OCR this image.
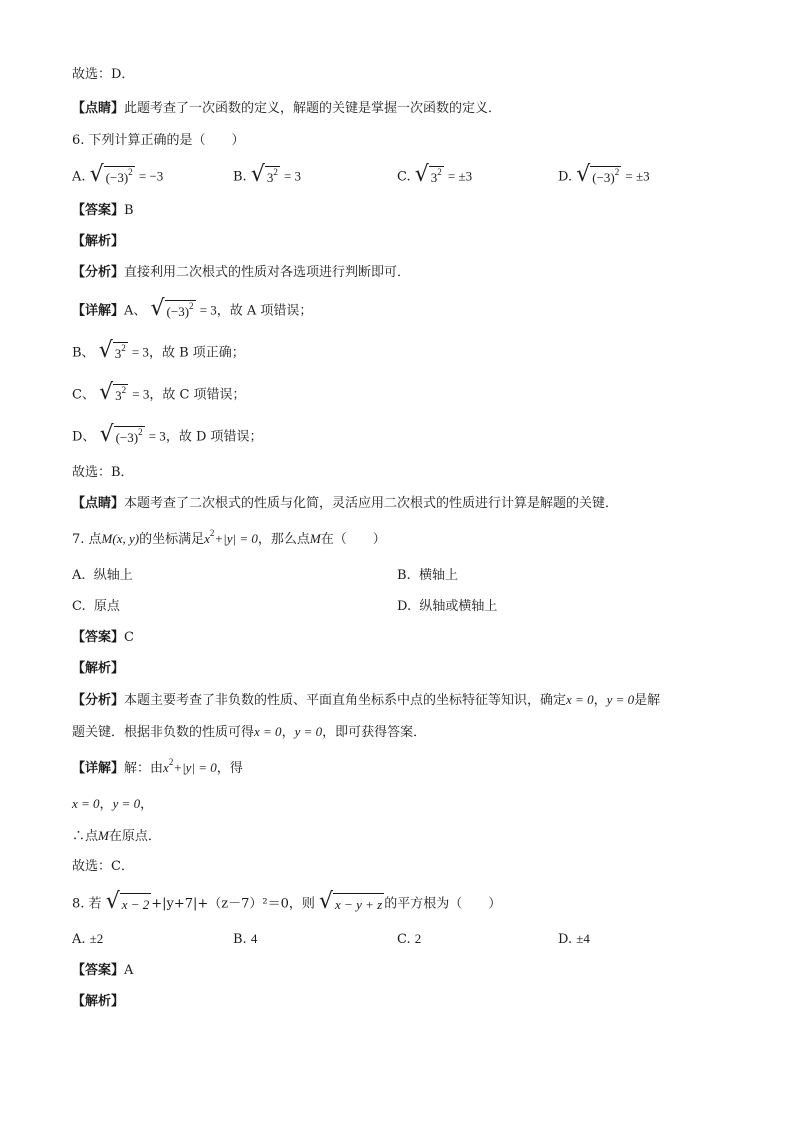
故选：D．
【点睛】此题考查了一次函数的定义，解题的关键是掌握一次函数的定义．
6. 下列计算正确的是（　　）
A. √ $(-3)^2 = -3$	B. √ $3^2 = 3$	C. √ $3^2 = \pm 3$	D. √ $(-3)^2 = \pm 3$
【答案】B
【解析】
【分析】直接利用二次根式的性质对各选项进行判断即可．
【详解】A、 √ $(-3)^2 = 3$，故 A 项错误；
B、 √ $3^2 = 3$，故 B 项正确；
C、 √ $3^2 = 3$，故 C 项错误；
D、 √ $(-3)^2 = 3$，故 D 项错误；
故选：B．
【点睛】本题考查了二次根式的性质与化简，灵活应用二次根式的性质进行计算是解题的关键．
7. 点M(x, y)的坐标满足$x^2+|y| = 0$，那么点M在（　　）
A. 纵轴上	B. 横轴上
C. 原点	D. 纵轴或横轴上
【答案】C
【解析】
【分析】本题主要考查了非负数的性质、平面直角坐标系中点的坐标特征等知识，确定x = 0，y = 0是解
题关键．根据非负数的性质可得x = 0，y = 0，即可获得答案．
【详解】解：由$x^2+|y| = 0$，得
x = 0，y = 0，
∴点M在原点．
故选：C．
8. 若 √ x − 2 +|y+7|+（z－7）²＝0，则 √ x − y + z 的平方根为（　　）
A. ±2	B. 4	C. 2	D. ±4
【答案】A
【解析】
